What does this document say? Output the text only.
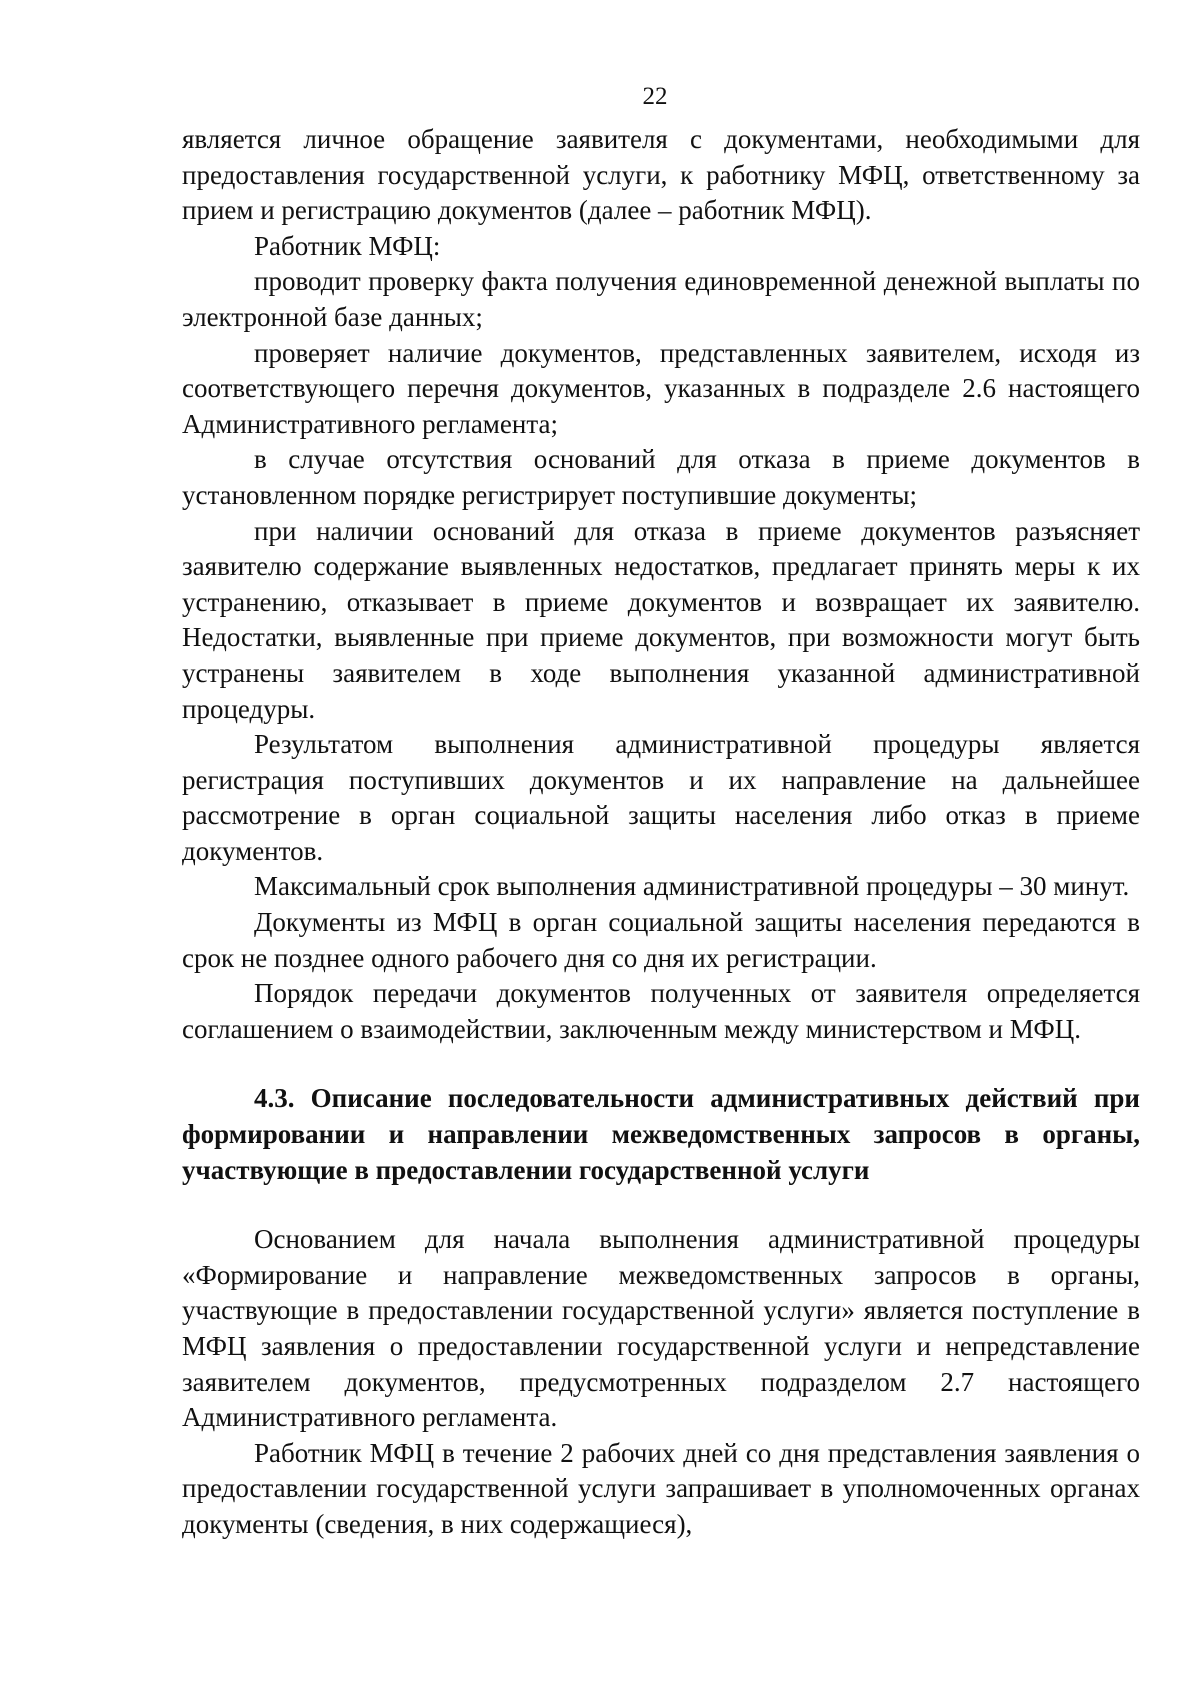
22

является личное обращение заявителя с документами, необходимыми для предоставления государственной услуги, к работнику МФЦ, ответственному за прием и регистрацию документов (далее – работник МФЦ).

Работник МФЦ:

проводит проверку факта получения единовременной денежной выплаты по электронной базе данных;

проверяет наличие документов, представленных заявителем, исходя из соответствующего перечня документов, указанных в подразделе 2.6 настоящего Административного регламента;

в случае отсутствия оснований для отказа в приеме документов в установленном порядке регистрирует поступившие документы;

при наличии оснований для отказа в приеме документов разъясняет заявителю содержание выявленных недостатков, предлагает принять меры к их устранению, отказывает в приеме документов и возвращает их заявителю. Недостатки, выявленные при приеме документов, при возможности могут быть устранены заявителем в ходе выполнения указанной административной процедуры.

Результатом выполнения административной процедуры является регистрация поступивших документов и их направление на дальнейшее рассмотрение в орган социальной защиты населения либо отказ в приеме документов.

Максимальный срок выполнения административной процедуры – 30 минут.

Документы из МФЦ в орган социальной защиты населения передаются в срок не позднее одного рабочего дня со дня их регистрации.

Порядок передачи документов полученных от заявителя определяется соглашением о взаимодействии, заключенным между министерством и МФЦ.

4.3. Описание последовательности административных действий при формировании и направлении межведомственных запросов в органы, участвующие в предоставлении государственной услуги

Основанием для начала выполнения административной процедуры «Формирование и направление межведомственных запросов в органы, участвующие в предоставлении государственной услуги» является поступление в МФЦ заявления о предоставлении государственной услуги и непредставление заявителем документов, предусмотренных подразделом 2.7 настоящего Административного регламента.

Работник МФЦ в течение 2 рабочих дней со дня представления заявления о предоставлении государственной услуги запрашивает в уполномоченных органах документы (сведения, в них содержащиеся),
